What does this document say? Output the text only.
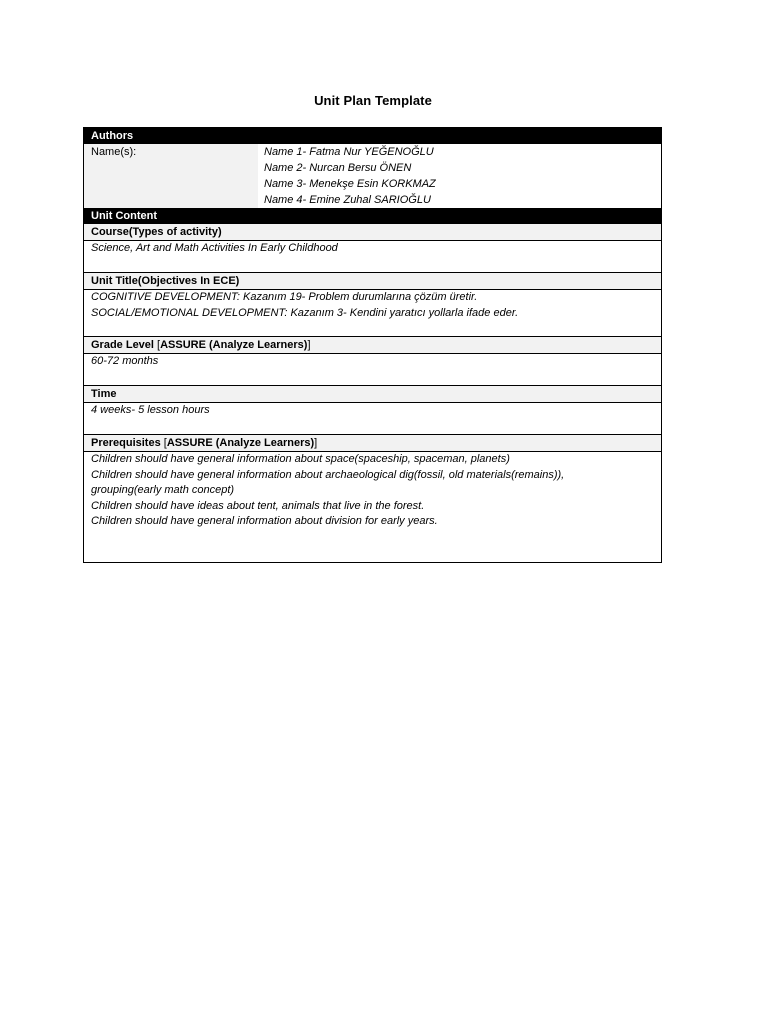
Unit Plan Template
Authors
Name(s):	Name 1- Fatma Nur YEĞENOĞLU
Name 2- Nurcan Bersu ÖNEN
Name 3- Menekşe Esin KORKMAZ
Name 4- Emine Zuhal SARIOĞLU
Unit Content
Course(Types of activity)
Science, Art and Math Activities In Early Childhood
Unit Title(Objectives In ECE)
COGNITIVE DEVELOPMENT: Kazanım 19- Problem durumlarına çözüm üretir.
SOCIAL/EMOTIONAL DEVELOPMENT: Kazanım 3- Kendini yaratıcı yollarla ifade eder.
Grade Level [ASSURE (Analyze Learners)]
60-72 months
Time
4 weeks- 5 lesson hours
Prerequisites [ASSURE (Analyze Learners)]
Children should have general information about space(spaceship, spaceman, planets)
Children should have general information about archaeological dig(fossil, old materials(remains)),
grouping(early math concept)
Children should have ideas about tent, animals that live in the forest.
Children should have general information about division for early years.
